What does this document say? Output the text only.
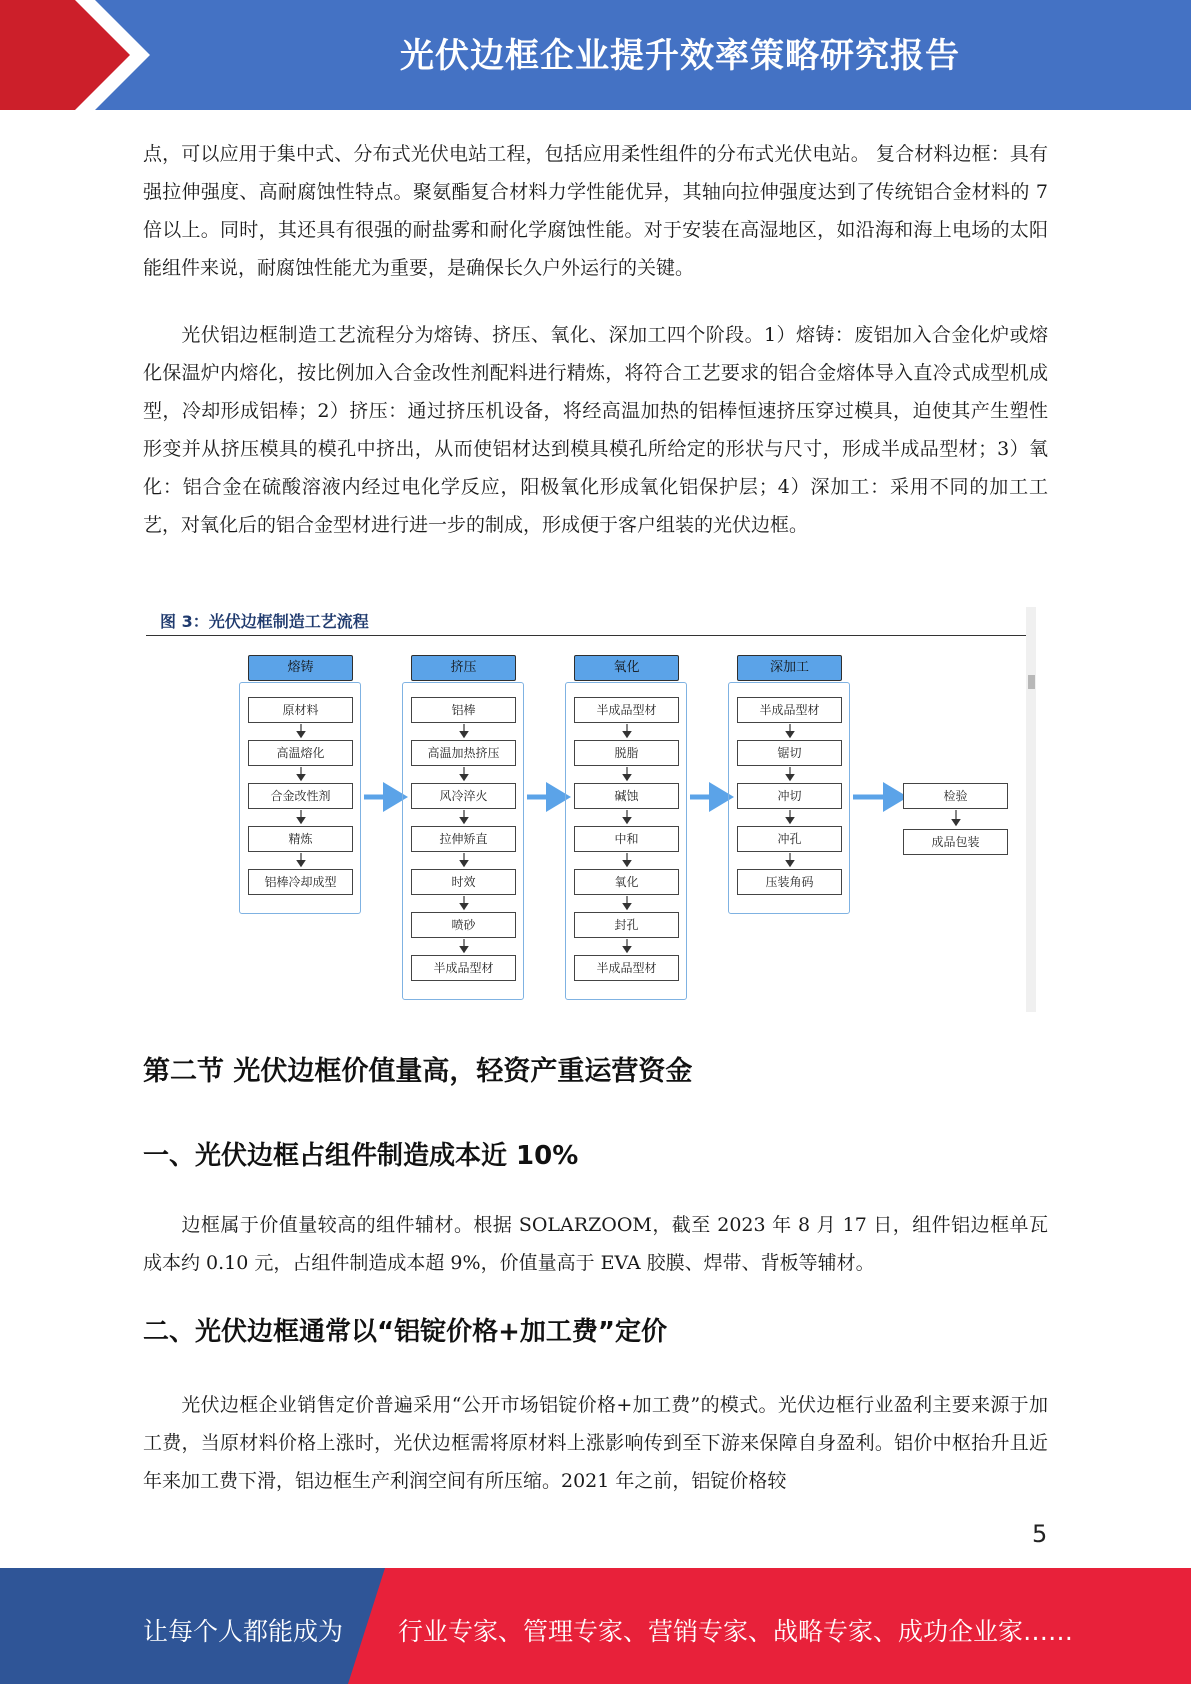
光伏边框企业提升效率策略研究报告

点，可以应用于集中式、分布式光伏电站工程，包括应用柔性组件的分布式光伏电站。 复合材料边框：具有强拉伸强度、高耐腐蚀性特点。聚氨酯复合材料力学性能优异，其轴向拉伸强度达到了传统铝合金材料的 7 倍以上。同时，其还具有很强的耐盐雾和耐化学腐蚀性能。对于安装在高湿地区，如沿海和海上电场的太阳能组件来说，耐腐蚀性能尤为重要，是确保长久户外运行的关键。

光伏铝边框制造工艺流程分为熔铸、挤压、氧化、深加工四个阶段。1）熔铸：废铝加入合金化炉或熔化保温炉内熔化，按比例加入合金改性剂配料进行精炼，将符合工艺要求的铝合金熔体导入直冷式成型机成型，冷却形成铝棒；2）挤压：通过挤压机设备，将经高温加热的铝棒恒速挤压穿过模具，迫使其产生塑性形变并从挤压模具的模孔中挤出，从而使铝材达到模具模孔所给定的形状与尺寸，形成半成品型材；3）氧化：铝合金在硫酸溶液内经过电化学反应，阳极氧化形成氧化铝保护层；4）深加工：采用不同的加工工艺，对氧化后的铝合金型材进行进一步的制成，形成便于客户组装的光伏边框。

图 3：光伏边框制造工艺流程
熔铸
原材料
高温熔化
合金改性剂
精炼
铝棒冷却成型
挤压
铝棒
高温加热挤压
风冷淬火
拉伸矫直
时效
喷砂
半成品型材
氧化
半成品型材
脱脂
碱蚀
中和
氧化
封孔
半成品型材
深加工
半成品型材
锯切
冲切
冲孔
压装角码
检验
成品包装
第二节 光伏边框价值量高，轻资产重运营资金
一、光伏边框占组件制造成本近 10%

边框属于价值量较高的组件辅材。根据 SOLARZOOM，截至 2023 年 8 月 17 日，组件铝边框单瓦成本约 0.10 元，占组件制造成本超 9%，价值量高于 EVA 胶膜、焊带、背板等辅材。

二、光伏边框通常以“铝锭价格+加工费”定价

光伏边框企业销售定价普遍采用“公开市场铝锭价格+加工费”的模式。光伏边框行业盈利主要来源于加工费，当原材料价格上涨时，光伏边框需将原材料上涨影响传到至下游来保障自身盈利。铝价中枢抬升且近年来加工费下滑，铝边框生产利润空间有所压缩。2021 年之前，铝锭价格较

5
让每个人都能成为 行业专家、管理专家、营销专家、战略专家、成功企业家……
